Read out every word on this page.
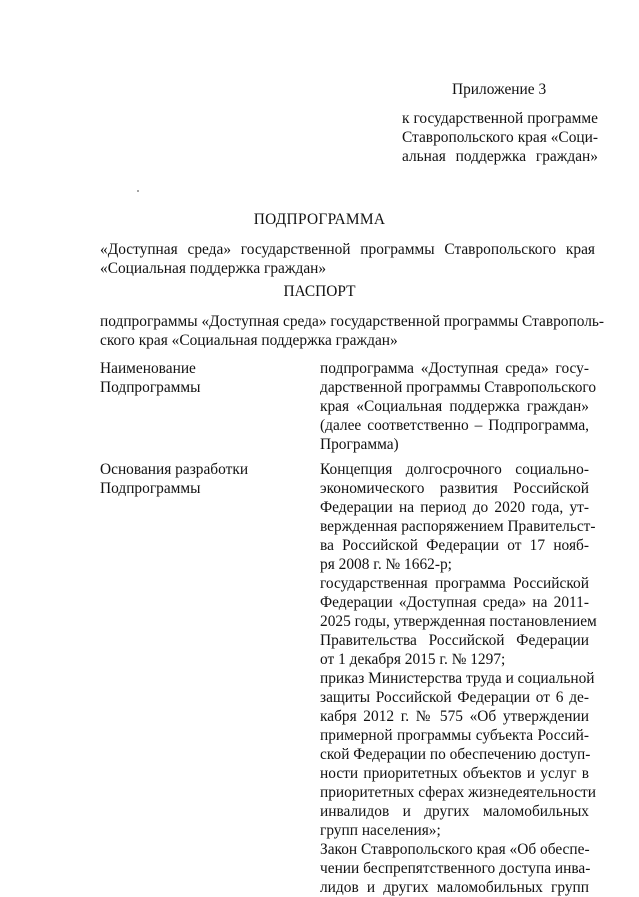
Приложение 3
к государственной программе
Ставропольского края «Соци-
альная поддержка граждан»
ПОДПРОГРАММА
«Доступная среда» государственной программы Ставропольского края
«Социальная поддержка граждан»
ПАСПОРТ
подпрограммы «Доступная среда» государственной программы Ставрополь-
ского края «Социальная поддержка граждан»
Наименование Подпрограммы
подпрограмма «Доступная среда» госу-
дарственной программы Ставропольского
края «Социальная поддержка граждан»
(далее соответственно – Подпрограмма,
Программа)
Основания разработки
Подпрограммы
Концепция долгосрочного социально-
экономического развития Российской
Федерации на период до 2020 года, ут-
вержденная распоряжением Правительст-
ва Российской Федерации от 17 нояб-
ря 2008 г. № 1662-р;
государственная программа Российской
Федерации «Доступная среда» на 2011-
2025 годы, утвержденная постановлением
Правительства Российской Федерации
от 1 декабря 2015 г. № 1297;
приказ Министерства труда и социальной
защиты Российской Федерации от 6 де-
кабря 2012 г. № 575 «Об утверждении
примерной программы субъекта Россий-
ской Федерации по обеспечению доступ-
ности приоритетных объектов и услуг в
приоритетных сферах жизнедеятельности
инвалидов и других маломобильных
групп населения»;
Закон Ставропольского края «Об обеспе-
чении беспрепятственного доступа инва-
лидов и других маломобильных групп
